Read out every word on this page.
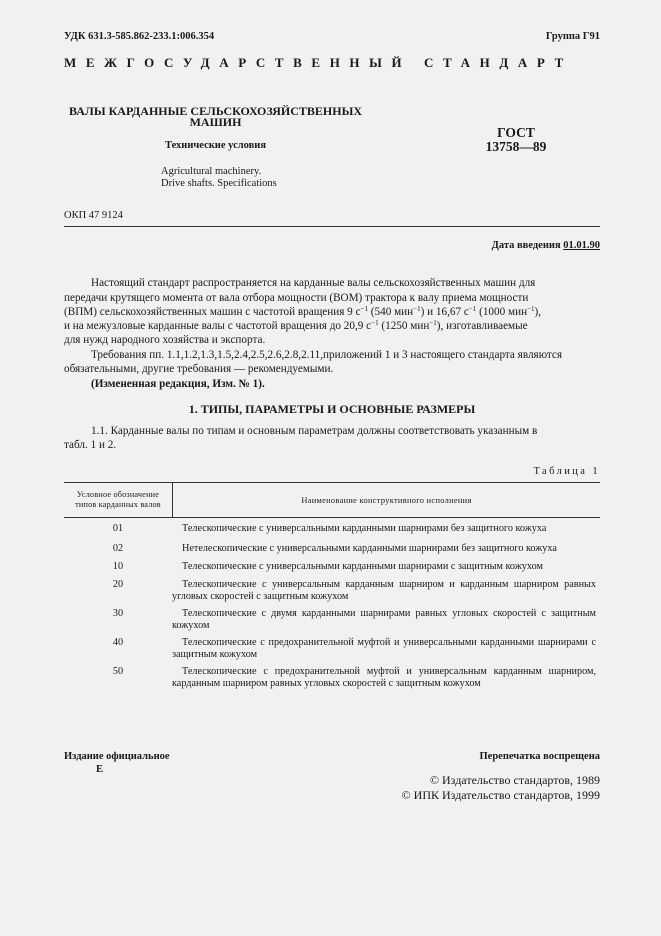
УДК 631.3-585.862-233.1:006.354	Группа Г91
МЕЖГОСУДАРСТВЕННЫЙ СТАНДАРТ
ВАЛЫ КАРДАННЫЕ СЕЛЬСКОХОЗЯЙСТВЕННЫХ
МАШИН
Технические условия
Agricultural machinery.
Drive shafts. Specifications
ГОСТ
13758—89
ОКП 47 9124
Дата введения 01.01.90
Настоящий стандарт распространяется на карданные валы сельскохозяйственных машин для
передачи крутящего момента от вала отбора мощности (ВОМ) трактора к валу приема мощности
(ВПМ) сельскохозяйственных машин с частотой вращения 9 $с^{-1}$ (540 мин$^{-1}$) и 16,67 $с^{-1}$ (1000 мин$^{-1}$),
и на межузловые карданные валы с частотой вращения до 20,9 $с^{-1}$ (1250 мин$^{-1}$), изготавливаемые
для нужд народного хозяйства и экспорта.
Требования пп. 1.1,1.2,1.3,1.5,2.4,2.5,2.6,2.8,2.11,приложений 1 и 3 настоящего стандарта являются
обязательными, другие требования — рекомендуемыми.
(Измененная редакция, Изм. № 1).
1. ТИПЫ, ПАРАМЕТРЫ И ОСНОВНЫЕ РАЗМЕРЫ
1.1. Карданные валы по типам и основным параметрам должны соответствовать указанным в
табл. 1 и 2.
Таблица 1
Условное обозначение
типов карданных валов	Наименование конструктивного исполнения
01	Телескопические с универсальными карданными шарнирами без защитного кожуха
02	Нетелескопические с универсальными карданными шарнирами без защитного кожуха
10	Телескопические с универсальными карданными шарнирами с защитным кожухом
20	Телескопические с универсальным карданным шарниром и карданным шарниром равных угловых скоростей с защитным кожухом
30	Телескопические с двумя карданными шарнирами равных угловых скоростей с защитным кожухом
40	Телескопические с предохранительной муфтой и универсальными карданными шарнирами с защитным кожухом
50	Телескопические с предохранительной муфтой и универсальным карданным шарниром, карданным шарниром равных угловых скоростей с защитным кожухом
Издание официальное
Е
Перепечатка воспрещена
© Издательство стандартов, 1989
© ИПК Издательство стандартов, 1999
